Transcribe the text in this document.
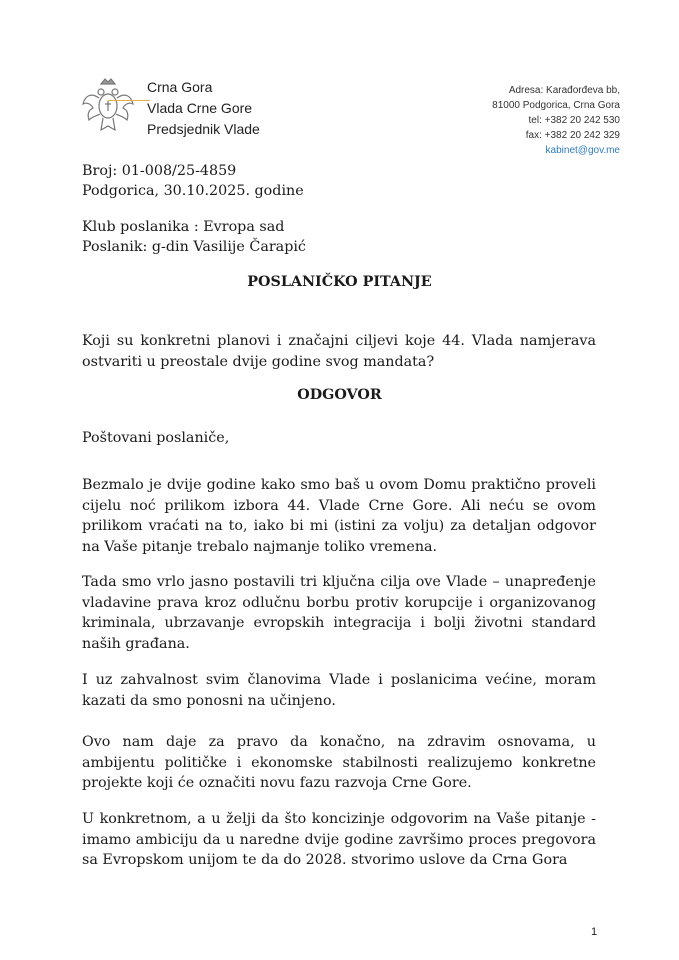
Crna Gora
Vlada Crne Gore
Predsjednik Vlade
Adresa: Karađorđeva bb,
81000 Podgorica, Crna Gora
tel: +382 20 242 530
fax: +382 20 242 329
kabinet@gov.me
Broj: 01-008/25-4859
Podgorica, 30.10.2025. godine
Klub poslanika : Evropa sad
Poslanik: g-din Vasilije Čarapić
POSLANIČKO PITANJE
Koji su konkretni planovi i značajni ciljevi koje 44. Vlada namjerava ostvariti u preostale dvije godine svog mandata?
ODGOVOR
Poštovani poslaniče,
Bezmalo je dvije godine kako smo baš u ovom Domu praktično proveli cijelu noć prilikom izbora 44. Vlade Crne Gore. Ali neću se ovom prilikom vraćati na to, iako bi mi (istini za volju) za detaljan odgovor na Vaše pitanje trebalo najmanje toliko vremena.
Tada smo vrlo jasno postavili tri ključna cilja ove Vlade – unapređenje vladavine prava kroz odlučnu borbu protiv korupcije i organizovanog kriminala, ubrzavanje evropskih integracija i bolji životni standard naših građana.
I uz zahvalnost svim članovima Vlade i poslanicima većine, moram kazati da smo ponosni na učinjeno.
Ovo nam daje za pravo da konačno, na zdravim osnovama, u ambijentu političke i ekonomske stabilnosti realizujemo konkretne projekte koji će označiti novu fazu razvoja Crne Gore.
U konkretnom, a u želji da što koncizinje odgovorim na Vaše pitanje - imamo ambiciju da u naredne dvije godine završimo proces pregovora sa Evropskom unijom te da do 2028. stvorimo uslove da Crna Gora
1
